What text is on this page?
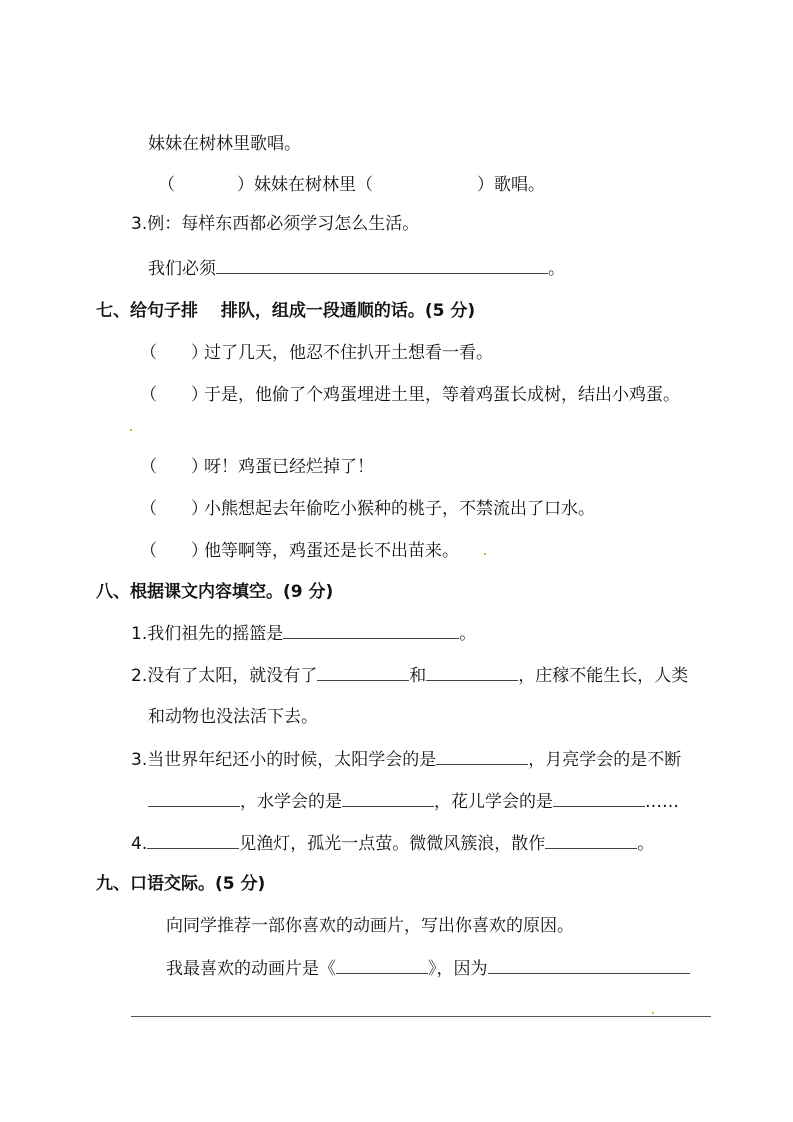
妹妹在树林里歌唱。
（	）妹妹在树林里（	）歌唱。
3.例：每样东西都必须学习怎么生活。
我们必须	。
七、给句子排　 排队，组成一段通顺的话。(5 分)
（　　）过了几天，他忍不住扒开土想看一看。
（　　）于是，他偷了个鸡蛋埋进土里，等着鸡蛋长成树，结出小鸡蛋。
（　　）呀！鸡蛋已经烂掉了！
（　　）小熊想起去年偷吃小猴种的桃子，不禁流出了口水。
（　　）他等啊等，鸡蛋还是长不出苗来。
八、根据课文内容填空。(9 分)
1.我们祖先的摇篮是	。
2.没有了太阳，就没有了	和	，庄稼不能生长，人类
和动物也没法活下去。
3.当世界年纪还小的时候，太阳学会的是	，月亮学会的是不断
，水学会的是	，花儿学会的是	……
4.	见渔灯，孤光一点萤。微微风簇浪，散作	。
九、口语交际。(5 分)
向同学推荐一部你喜欢的动画片，写出你喜欢的原因。
我最喜欢的动画片是《	》，因为
